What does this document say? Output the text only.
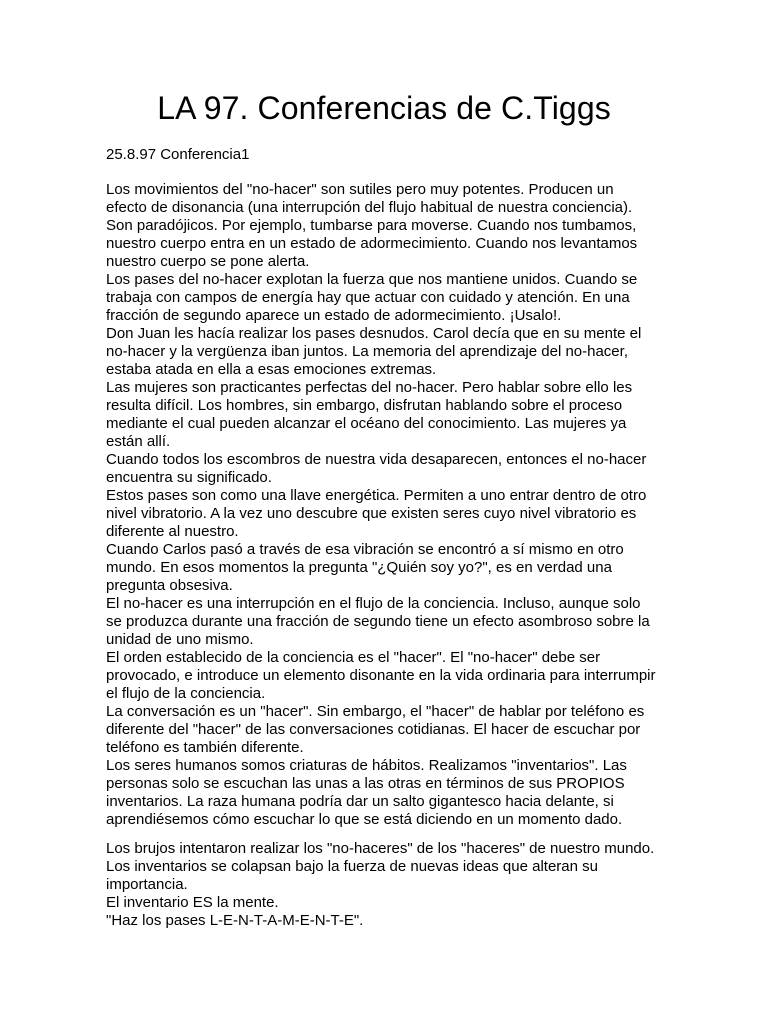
LA 97. Conferencias de C.Tiggs

25.8.97 Conferencia1

Los movimientos del "no-hacer" son sutiles pero muy potentes. Producen un
efecto de disonancia (una interrupción del flujo habitual de nuestra conciencia).
Son paradójicos. Por ejemplo, tumbarse para moverse. Cuando nos tumbamos,
nuestro cuerpo entra en un estado de adormecimiento. Cuando nos levantamos
nuestro cuerpo se pone alerta.
Los pases del no-hacer explotan la fuerza que nos mantiene unidos. Cuando se
trabaja con campos de energía hay que actuar con cuidado y atención. En una
fracción de segundo aparece un estado de adormecimiento. ¡Usalo!.
Don Juan les hacía realizar los pases desnudos. Carol decía que en su mente el
no-hacer y la vergüenza iban juntos. La memoria del aprendizaje del no-hacer,
estaba atada en ella a esas emociones extremas.
Las mujeres son practicantes perfectas del no-hacer. Pero hablar sobre ello les
resulta difícil. Los hombres, sin embargo, disfrutan hablando sobre el proceso
mediante el cual pueden alcanzar el océano del conocimiento. Las mujeres ya
están allí.
Cuando todos los escombros de nuestra vida desaparecen, entonces el no-hacer
encuentra su significado.
Estos pases son como una llave energética. Permiten a uno entrar dentro de otro
nivel vibratorio. A la vez uno descubre que existen seres cuyo nivel vibratorio es
diferente al nuestro.
Cuando Carlos pasó a través de esa vibración se encontró a sí mismo en otro
mundo. En esos momentos la pregunta "¿Quién soy yo?", es en verdad una
pregunta obsesiva.
El no-hacer es una interrupción en el flujo de la conciencia. Incluso, aunque solo
se produzca durante una fracción de segundo tiene un efecto asombroso sobre la
unidad de uno mismo.
El orden establecido de la conciencia es el "hacer". El "no-hacer" debe ser
provocado, e introduce un elemento disonante en la vida ordinaria para interrumpir
el flujo de la conciencia.
La conversación es un "hacer". Sin embargo, el "hacer" de hablar por teléfono es
diferente del "hacer" de las conversaciones cotidianas. El hacer de escuchar por
teléfono es también diferente.
Los seres humanos somos criaturas de hábitos. Realizamos "inventarios". Las
personas solo se escuchan las unas a las otras en términos de sus PROPIOS
inventarios. La raza humana podría dar un salto gigantesco hacia delante, si
aprendiésemos cómo escuchar lo que se está diciendo en un momento dado.
Los brujos intentaron realizar los "no-haceres" de los "haceres" de nuestro mundo.
Los inventarios se colapsan bajo la fuerza de nuevas ideas que alteran su
importancia.
El inventario ES la mente.
"Haz los pases L-E-N-T-A-M-E-N-T-E".
